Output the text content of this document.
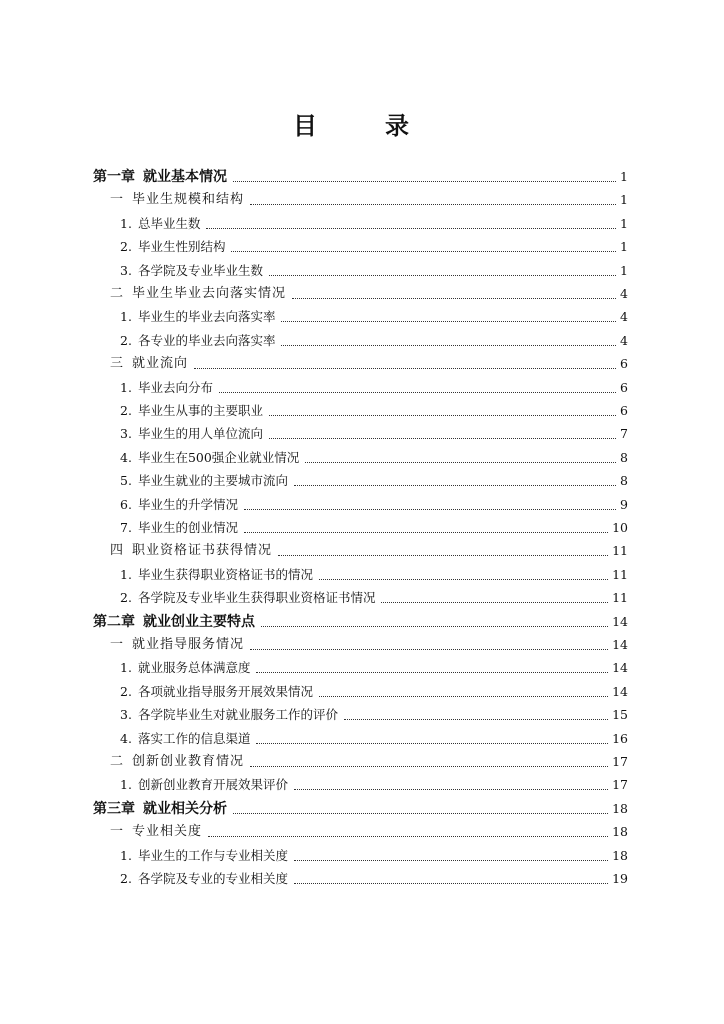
目　录
第一章 就业基本情况	1
一 毕业生规模和结构	1
1. 总毕业生数	1
2. 毕业生性别结构	1
3. 各学院及专业毕业生数	1
二 毕业生毕业去向落实情况	4
1. 毕业生的毕业去向落实率	4
2. 各专业的毕业去向落实率	4
三 就业流向	6
1. 毕业去向分布	6
2. 毕业生从事的主要职业	6
3. 毕业生的用人单位流向	7
4. 毕业生在500强企业就业情况	8
5. 毕业生就业的主要城市流向	8
6. 毕业生的升学情况	9
7. 毕业生的创业情况	10
四 职业资格证书获得情况	11
1. 毕业生获得职业资格证书的情况	11
2. 各学院及专业毕业生获得职业资格证书情况	11
第二章 就业创业主要特点	14
一 就业指导服务情况	14
1. 就业服务总体满意度	14
2. 各项就业指导服务开展效果情况	14
3. 各学院毕业生对就业服务工作的评价	15
4. 落实工作的信息渠道	16
二 创新创业教育情况	17
1. 创新创业教育开展效果评价	17
第三章 就业相关分析	18
一 专业相关度	18
1. 毕业生的工作与专业相关度	18
2. 各学院及专业的专业相关度	19
